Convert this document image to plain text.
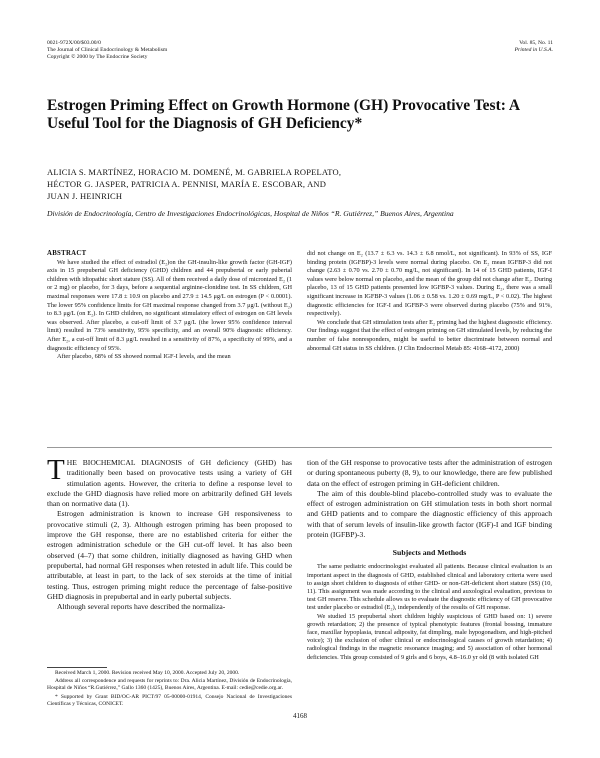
0021-972X/00/$03.00/0
The Journal of Clinical Endocrinology & Metabolism
Copyright © 2000 by The Endocrine Society
Vol. 85, No. 11
Printed in U.S.A.
Estrogen Priming Effect on Growth Hormone (GH) Provocative Test: A Useful Tool for the Diagnosis of GH Deficiency*
ALICIA S. MARTÍNEZ, HORACIO M. DOMENÉ, M. GABRIELA ROPELATO,
HÉCTOR G. JASPER, PATRICIA A. PENNISI, MARÍA E. ESCOBAR, AND
JUAN J. HEINRICH
División de Endocrinología, Centro de Investigaciones Endocrinológicas, Hospital de Niños “R. Gutiérrez,” Buenos Aires, Argentina
ABSTRACT

We have studied the effect of estradiol (E₂)on the GH-insulin-like growth factor (GH-IGF) axis in 15 prepubertal GH deficiency (GHD) children and 44 prepubertal or early pubertal children with idiopathic short stature (SS). All of them received a daily dose of micronized E₂ (1 or 2 mg) or placebo, for 3 days, before a sequential arginine-clonidine test. In SS children, GH maximal responses were 17.8 ± 10.9 on placebo and 27.9 ± 14.5 μg/L on estrogen (P < 0.0001). The lower 95% confidence limits for GH maximal response changed from 3.7 μg/L (without E₂) to 8.3 μg/L (on E₂). In GHD children, no significant stimulatory effect of estrogen on GH levels was observed. After placebo, a cut-off limit of 3.7 μg/L (the lower 95% confidence interval limit) resulted in 73% sensitivity, 95% specificity, and an overall 90% diagnostic efficiency. After E₂, a cut-off limit of 8.3 μg/L resulted in a sensitivity of 87%, a specificity of 99%, and a diagnostic efficiency of 95%.

After placebo, 68% of SS showed normal IGF-I levels, and the mean

did not change on E₂ (13.7 ± 6.3 vs. 14.3 ± 6.8 nmol/L, not significant). In 93% of SS, IGF binding protein (IGFBP)-3 levels were normal during placebo. On E₂ mean IGFBP-3 did not change (2.63 ± 0.70 vs. 2.70 ± 0.70 mg/L, not significant). In 14 of 15 GHD patients, IGF-I values were below normal on placebo, and the mean of the group did not change after E₂. During placebo, 13 of 15 GHD patients presented low IGFBP-3 values. During E₂, there was a small significant increase in IGFBP-3 values (1.06 ± 0.58 vs. 1.20 ± 0.69 mg/L, P < 0.02). The highest diagnostic efficiencies for IGF-I and IGFBP-3 were observed during placebo (75% and 91%, respectively).

We conclude that GH stimulation tests after E₂ priming had the highest diagnostic efficiency. Our findings suggest that the effect of estrogen priming on GH stimulated levels, by reducing the number of false nonresponders, might be useful to better discriminate between normal and abnormal GH status in SS children. (J Clin Endocrinol Metab 85: 4168–4172, 2000)

THE BIOCHEMICAL DIAGNOSIS of GH deficiency (GHD) has traditionally been based on provocative tests using a variety of GH stimulation agents. However, the criteria to define a response level to exclude the GHD diagnosis have relied more on arbitrarily defined GH levels than on normative data (1).

Estrogen administration is known to increase GH responsiveness to provocative stimuli (2, 3). Although estrogen priming has been proposed to improve the GH response, there are no established criteria for either the estrogen administration schedule or the GH cut-off level. It has also been observed (4–7) that some children, initially diagnosed as having GHD when prepubertal, had normal GH responses when retested in adult life. This could be attributable, at least in part, to the lack of sex steroids at the time of initial testing. Thus, estrogen priming might reduce the percentage of false-positive GHD diagnosis in prepubertal and in early pubertal subjects.

Although several reports have described the normaliza-

tion of the GH response to provocative tests after the administration of estrogen or during spontaneous puberty (8, 9), to our knowledge, there are few published data on the effect of estrogen priming in GH-deficient children.

The aim of this double-blind placebo-controlled study was to evaluate the effect of estrogen administration on GH stimulation tests in both short normal and GHD patients and to compare the diagnostic efficiency of this approach with that of serum levels of insulin-like growth factor (IGF)-I and IGF binding protein (IGFBP)-3.

Subjects and Methods

The same pediatric endocrinologist evaluated all patients. Because clinical evaluation is an important aspect in the diagnosis of GHD, established clinical and laboratory criteria were used to assign short children to diagnosis of either GHD- or non-GH-deficient short stature (SS) (10, 11). This assignment was made according to the clinical and auxological evaluation, previous to test GH reserve. This schedule allows us to evaluate the diagnostic efficiency of GH provocative test under placebo or estradiol (E₂), independently of the results of GH response.

We studied 15 prepubertal short children highly suspicious of GHD based on: 1) severe growth retardation; 2) the presence of typical phenotypic features (frontal bossing, immature face, maxillar hypoplasia, truncal adiposity, fat dimpling, male hypogonadism, and high-pitched voice); 3) the exclusion of other clinical or endocrinological causes of growth retardation; 4) radiological findings in the magnetic resonance imaging; and 5) association of other hormonal deficiencies. This group consisted of 9 girls and 6 boys, 4.8–16.0 yr old (8 with isolated GH

Received March 1, 2000. Revision received May 10, 2000. Accepted July 20, 2000.

Address all correspondence and requests for reprints to: Dra. Alicia Martínez, División de Endocrinología, Hospital de Niños “R.Gutiérrez,” Gallo 1360 (1425), Buenos Aires, Argentina. E-mail: cedie@cedie.org.ar.

* Supported by Grant BID/OC-AR PICT/97 05-00000-01914, Consejo Nacional de Investigaciones Científicas y Técnicas, CONICET.

4168
